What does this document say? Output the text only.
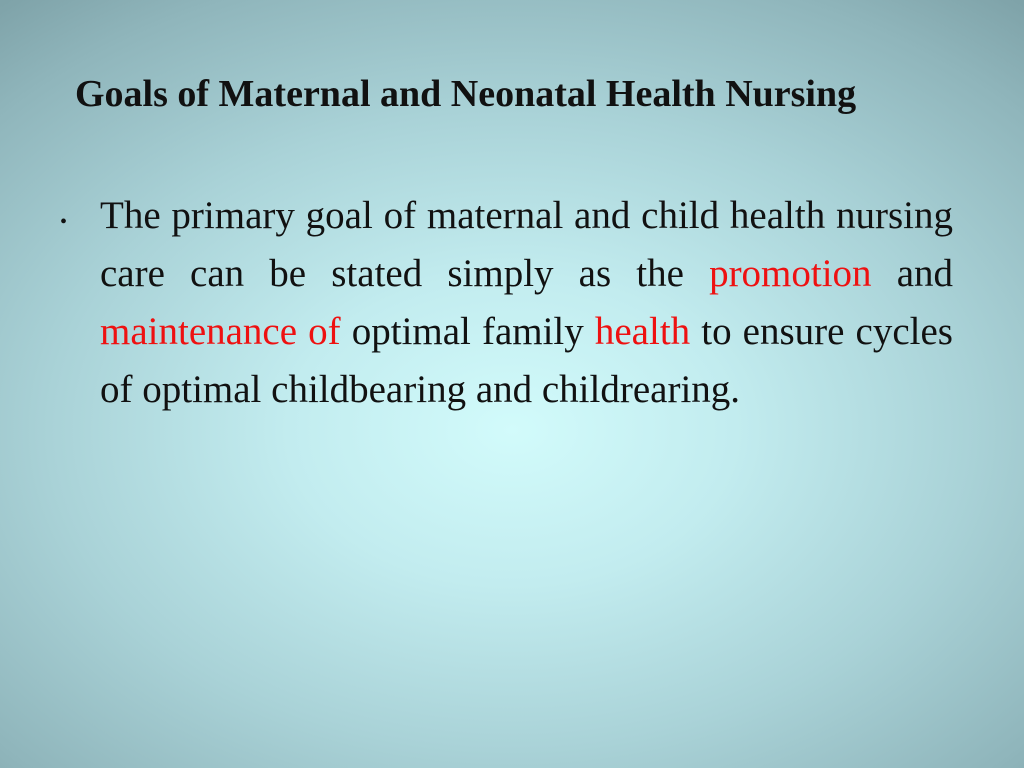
Goals of Maternal and Neonatal Health Nursing
• The primary goal of maternal and child health nursing care can be stated simply as the promotion and maintenance of optimal family health to ensure cycles of optimal childbearing and childrearing.
